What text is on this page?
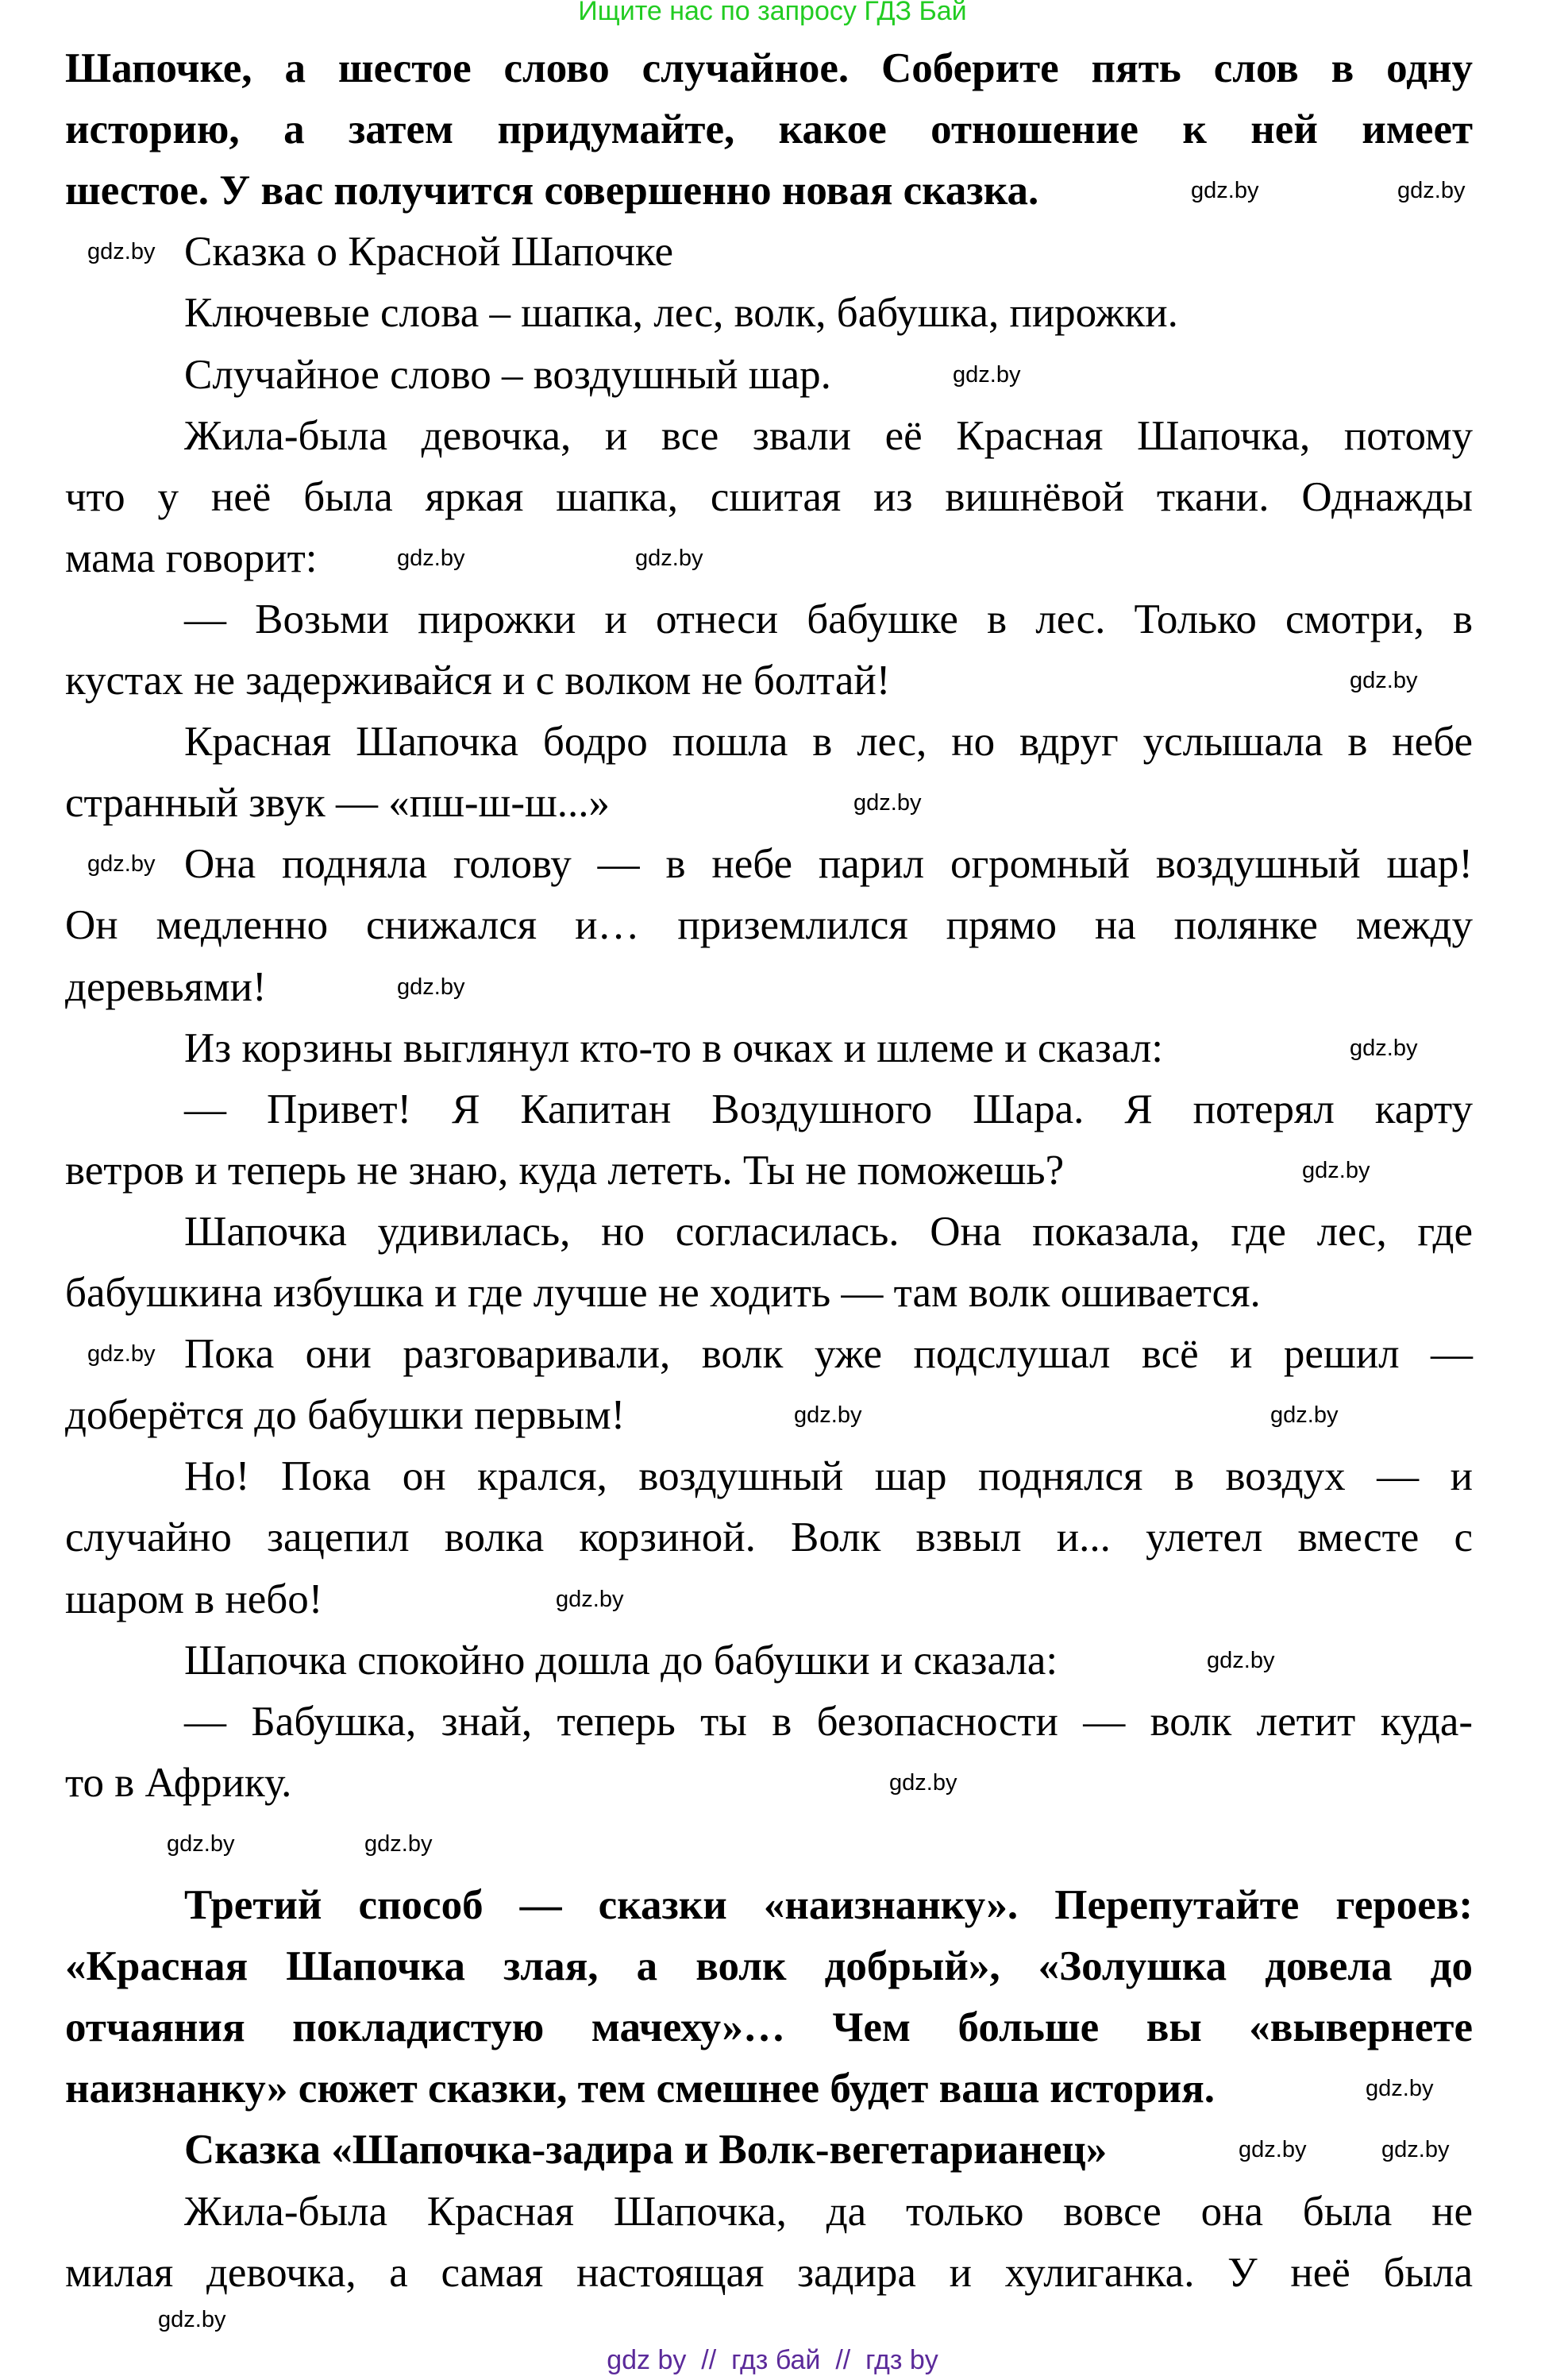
Ищите нас по запросу ГДЗ Бай
Шапочке, а шестое слово случайное. Соберите пять слов в одну
историю, а затем придумайте, какое отношение к ней имеет
шестое. У вас получится совершенно новая сказка.
Сказка о Красной Шапочке
Ключевые слова – шапка, лес, волк, бабушка, пирожки.
Случайное слово – воздушный шар.
Жила-была девочка, и все звали её Красная Шапочка, потому
что у неё была яркая шапка, сшитая из вишнёвой ткани. Однажды
мама говорит:
— Возьми пирожки и отнеси бабушке в лес. Только смотри, в
кустах не задерживайся и с волком не болтай!
Красная Шапочка бодро пошла в лес, но вдруг услышала в небе
странный звук — «пш-ш-ш...»
Она подняла голову — в небе парил огромный воздушный шар!
Он медленно снижался и… приземлился прямо на полянке между
деревьями!
Из корзины выглянул кто-то в очках и шлеме и сказал:
— Привет! Я Капитан Воздушного Шара. Я потерял карту
ветров и теперь не знаю, куда лететь. Ты не поможешь?
Шапочка удивилась, но согласилась. Она показала, где лес, где
бабушкина избушка и где лучше не ходить — там волк ошивается.
Пока они разговаривали, волк уже подслушал всё и решил —
доберётся до бабушки первым!
Но! Пока он крался, воздушный шар поднялся в воздух — и
случайно зацепил волка корзиной. Волк взвыл и... улетел вместе с
шаром в небо!
Шапочка спокойно дошла до бабушки и сказала:
— Бабушка, знай, теперь ты в безопасности — волк летит куда-
то в Африку.
Третий способ — сказки «наизнанку». Перепутайте героев:
«Красная Шапочка злая, а волк добрый», «Золушка довела до
отчаяния покладистую мачеху»… Чем больше вы «вывернете
наизнанку» сюжет сказки, тем смешнее будет ваша история.
Сказка «Шапочка-задира и Волк-вегетарианец»
Жила-была Красная Шапочка, да только вовсе она была не
милая девочка, а самая настоящая задира и хулиганка. У неё была
gdz.by	gdz.by
gdz.by
gdz.by
gdz.by	gdz.by
gdz.by
gdz.by
gdz.by
gdz.by
gdz.by
gdz.by
gdz.by
gdz.by
gdz.by
gdz.by
gdz.by
gdz.by
gdz.by	gdz.by
gdz.by
gdz.by	gdz.by
gdz.by
gdz by  //  гдз бай  //  гдз by
